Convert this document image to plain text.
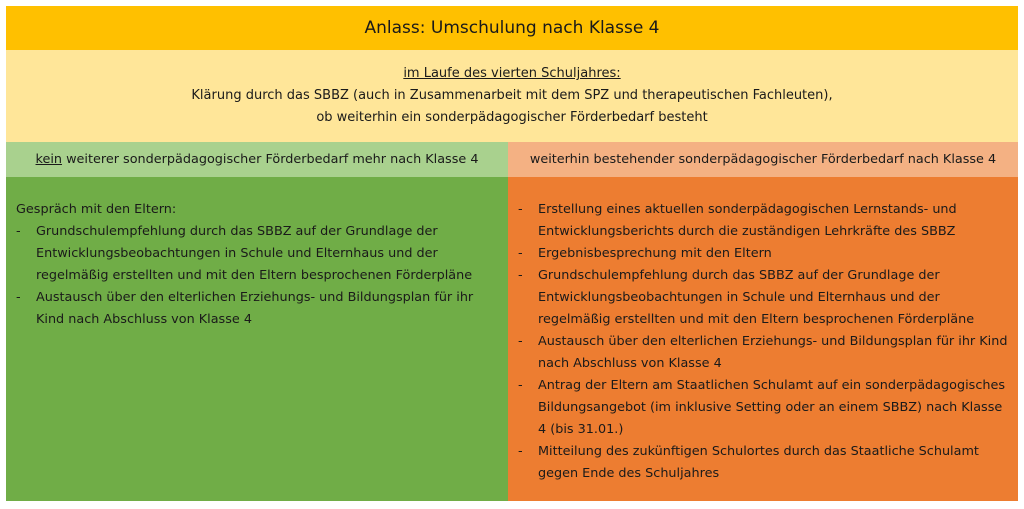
Anlass: Umschulung nach Klasse 4
im Laufe des vierten Schuljahres:
Klärung durch das SBBZ (auch in Zusammenarbeit mit dem SPZ und therapeutischen Fachleuten),
ob weiterhin ein sonderpädagogischer Förderbedarf besteht
kein weiterer sonderpädagogischer Förderbedarf mehr nach Klasse 4	weiterhin bestehender sonderpädagogischer Förderbedarf nach Klasse 4
Gespräch mit den Eltern:
- Grundschulempfehlung durch das SBBZ auf der Grundlage der Entwicklungsbeobachtungen in Schule und Elternhaus und der regelmäßig erstellten und mit den Eltern besprochenen Förderpläne
- Austausch über den elterlichen Erziehungs- und Bildungsplan für ihr Kind nach Abschluss von Klasse 4
- Erstellung eines aktuellen sonderpädagogischen Lernstands- und Entwicklungsberichts durch die zuständigen Lehrkräfte des SBBZ
- Ergebnisbesprechung mit den Eltern
- Grundschulempfehlung durch das SBBZ auf der Grundlage der Entwicklungsbeobachtungen in Schule und Elternhaus und der regelmäßig erstellten und mit den Eltern besprochenen Förderpläne
- Austausch über den elterlichen Erziehungs- und Bildungsplan für ihr Kind nach Abschluss von Klasse 4
- Antrag der Eltern am Staatlichen Schulamt auf ein sonderpädagogisches Bildungsangebot (im inklusive Setting oder an einem SBBZ) nach Klasse 4 (bis 31.01.)
- Mitteilung des zukünftigen Schulortes durch das Staatliche Schulamt gegen Ende des Schuljahres
